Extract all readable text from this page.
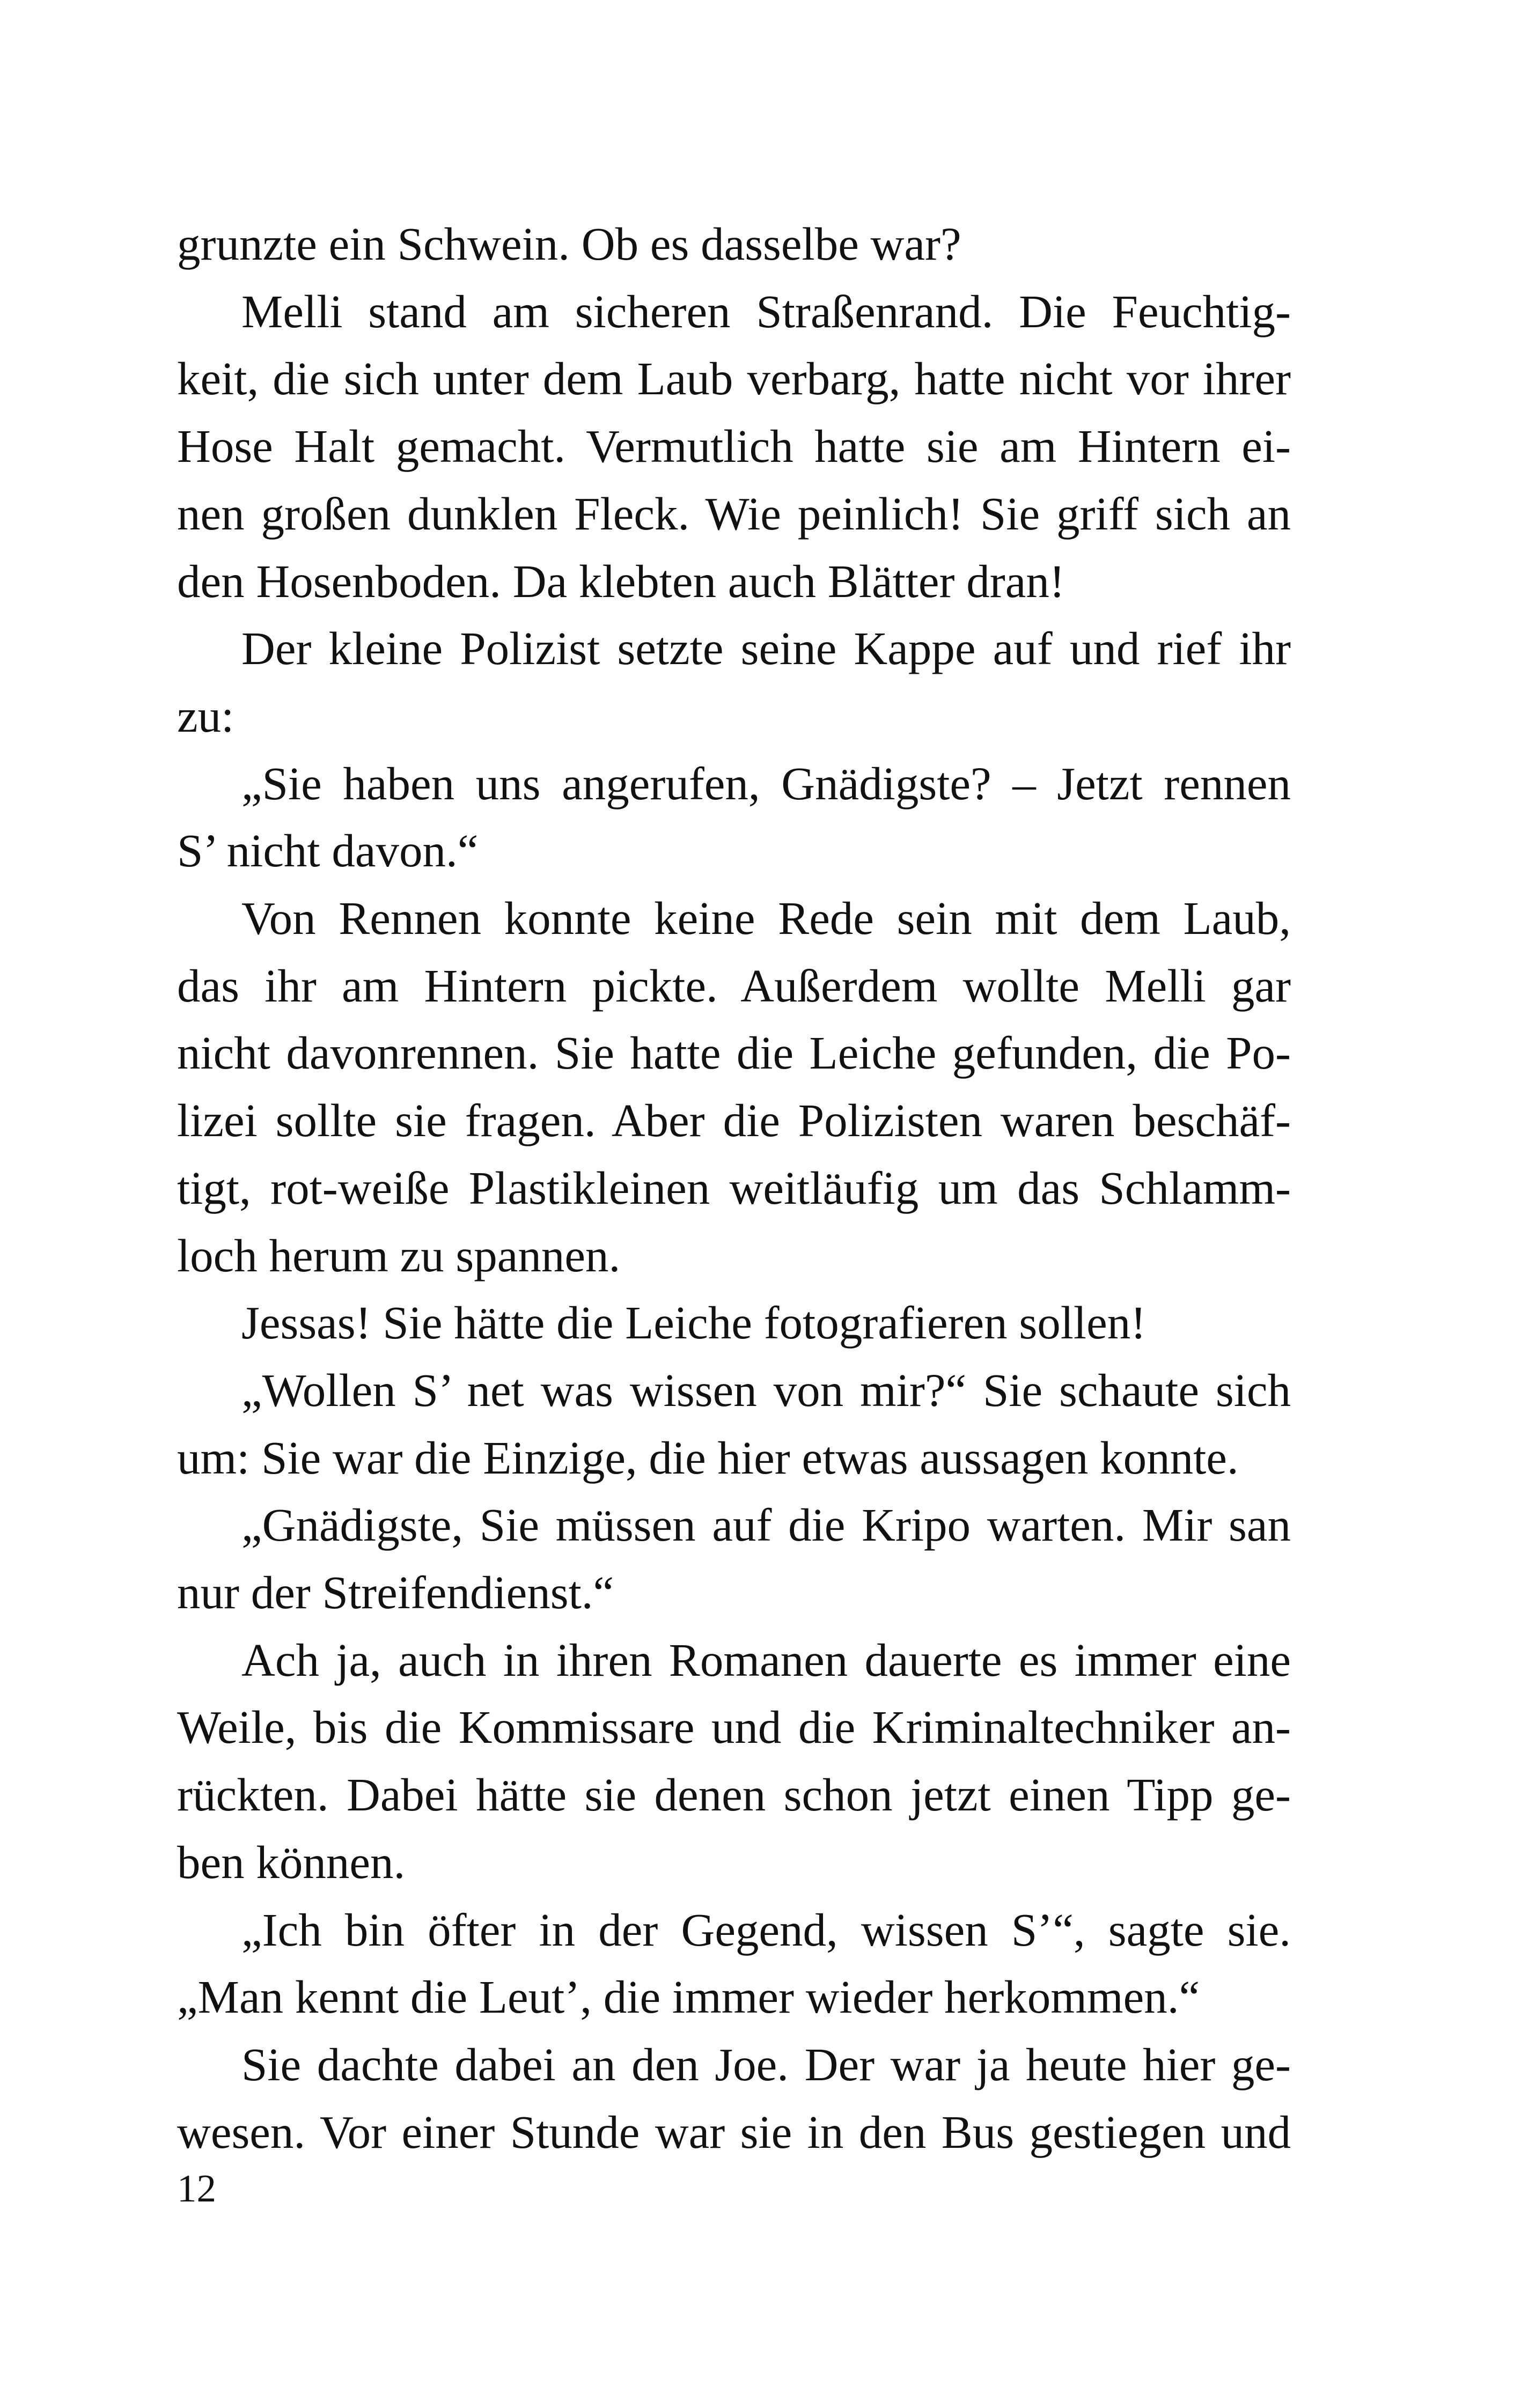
grunzte ein Schwein. Ob es dasselbe war?

Melli stand am sicheren Straßenrand. Die Feuchtig-

keit, die sich unter dem Laub verbarg, hatte nicht vor ihrer

Hose Halt gemacht. Vermutlich hatte sie am Hintern ei-

nen großen dunklen Fleck. Wie peinlich! Sie griff sich an

den Hosenboden. Da klebten auch Blätter dran!

Der kleine Polizist setzte seine Kappe auf und rief ihr

zu:

„Sie haben uns angerufen, Gnädigste? – Jetzt rennen

S’ nicht davon.“

Von Rennen konnte keine Rede sein mit dem Laub,

das ihr am Hintern pickte. Außerdem wollte Melli gar

nicht davonrennen. Sie hatte die Leiche gefunden, die Po-

lizei sollte sie fragen. Aber die Polizisten waren beschäf-

tigt, rot-weiße Plastikleinen weitläufig um das Schlamm-

loch herum zu spannen.

Jessas! Sie hätte die Leiche fotografieren sollen!

„Wollen S’ net was wissen von mir?“ Sie schaute sich

um: Sie war die Einzige, die hier etwas aussagen konnte.

„Gnädigste, Sie müssen auf die Kripo warten. Mir san

nur der Streifendienst.“

Ach ja, auch in ihren Romanen dauerte es immer eine

Weile, bis die Kommissare und die Kriminaltechniker an-

rückten. Dabei hätte sie denen schon jetzt einen Tipp ge-

ben können.

„Ich bin öfter in der Gegend, wissen S’“, sagte sie.

„Man kennt die Leut’, die immer wieder herkommen.“

Sie dachte dabei an den Joe. Der war ja heute hier ge-

wesen. Vor einer Stunde war sie in den Bus gestiegen und

12
